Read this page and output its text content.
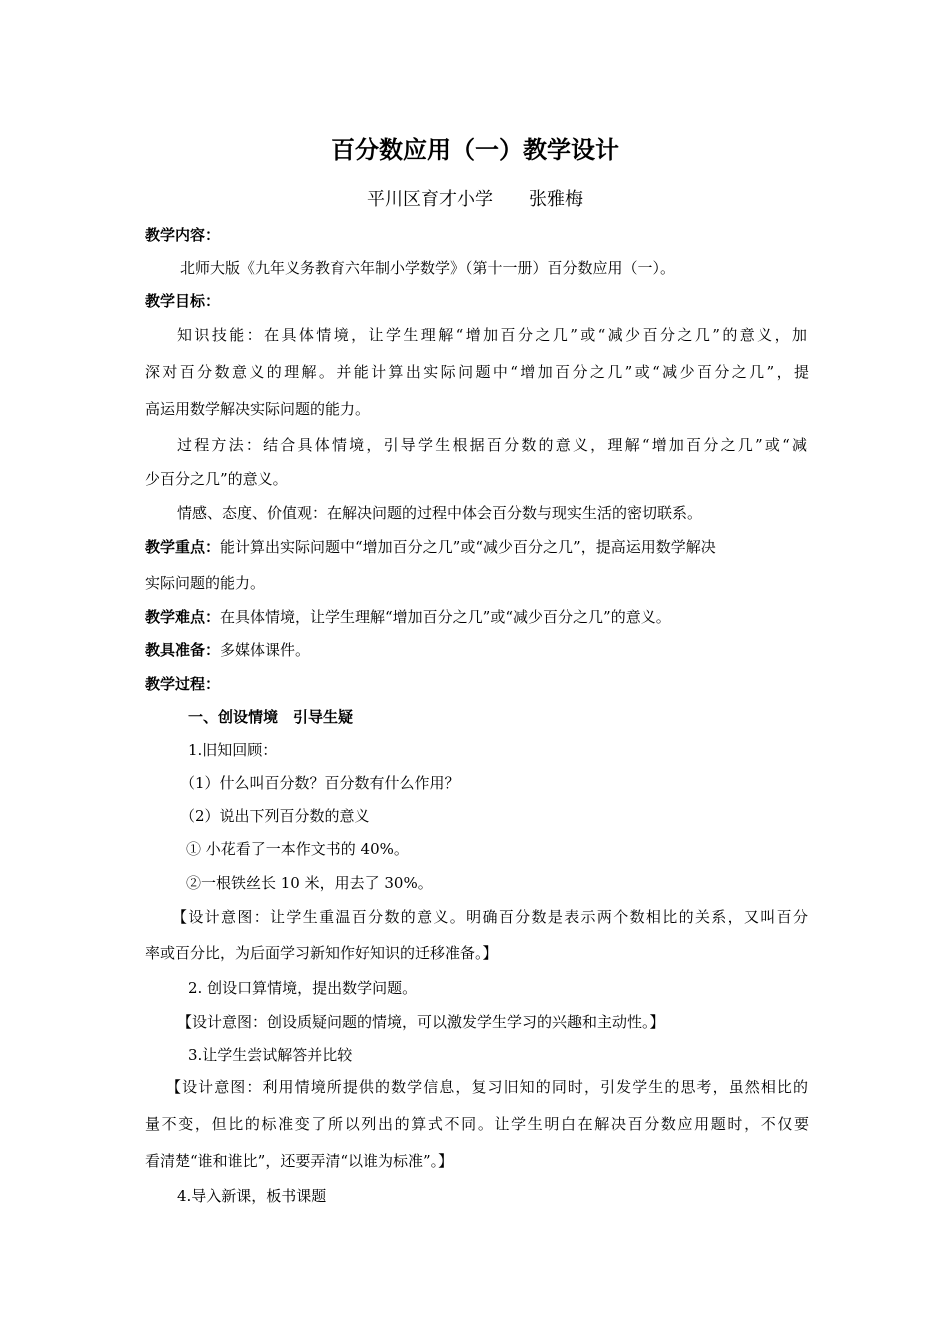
百分数应用（一）教学设计
平川区育才小学　　张雅梅
教学内容：
北师大版《九年义务教育六年制小学数学》（第十一册）百分数应用（一）。
教学目标：
知识技能：在具体情境，让学生理解“增加百分之几”或“减少百分之几”的意义，加
深对百分数意义的理解。并能计算出实际问题中“增加百分之几”或“减少百分之几”，提
高运用数学解决实际问题的能力。
过程方法：结合具体情境，引导学生根据百分数的意义，理解“增加百分之几”或“减
少百分之几”的意义。
情感、态度、价值观：在解决问题的过程中体会百分数与现实生活的密切联系。
教学重点：能计算出实际问题中“增加百分之几”或“减少百分之几”，提高运用数学解决
实际问题的能力。
教学难点：在具体情境，让学生理解“增加百分之几”或“减少百分之几”的意义。
教具准备：多媒体课件。
教学过程：
一、创设情境　引导生疑
1.旧知回顾：
（1）什么叫百分数？百分数有什么作用？
（2）说出下列百分数的意义
① 小花看了一本作文书的 40%。
②一根铁丝长 10 米，用去了 30%。
【设计意图：让学生重温百分数的意义。明确百分数是表示两个数相比的关系，又叫百分
率或百分比，为后面学习新知作好知识的迁移准备。】
2. 创设口算情境，提出数学问题。
【设计意图：创设质疑问题的情境，可以激发学生学习的兴趣和主动性。】
3.让学生尝试解答并比较
【设计意图：利用情境所提供的数学信息，复习旧知的同时，引发学生的思考，虽然相比的
量不变，但比的标准变了所以列出的算式不同。让学生明白在解决百分数应用题时，不仅要
看清楚“谁和谁比”，还要弄清“以谁为标准”。】
4.导入新课，板书课题
